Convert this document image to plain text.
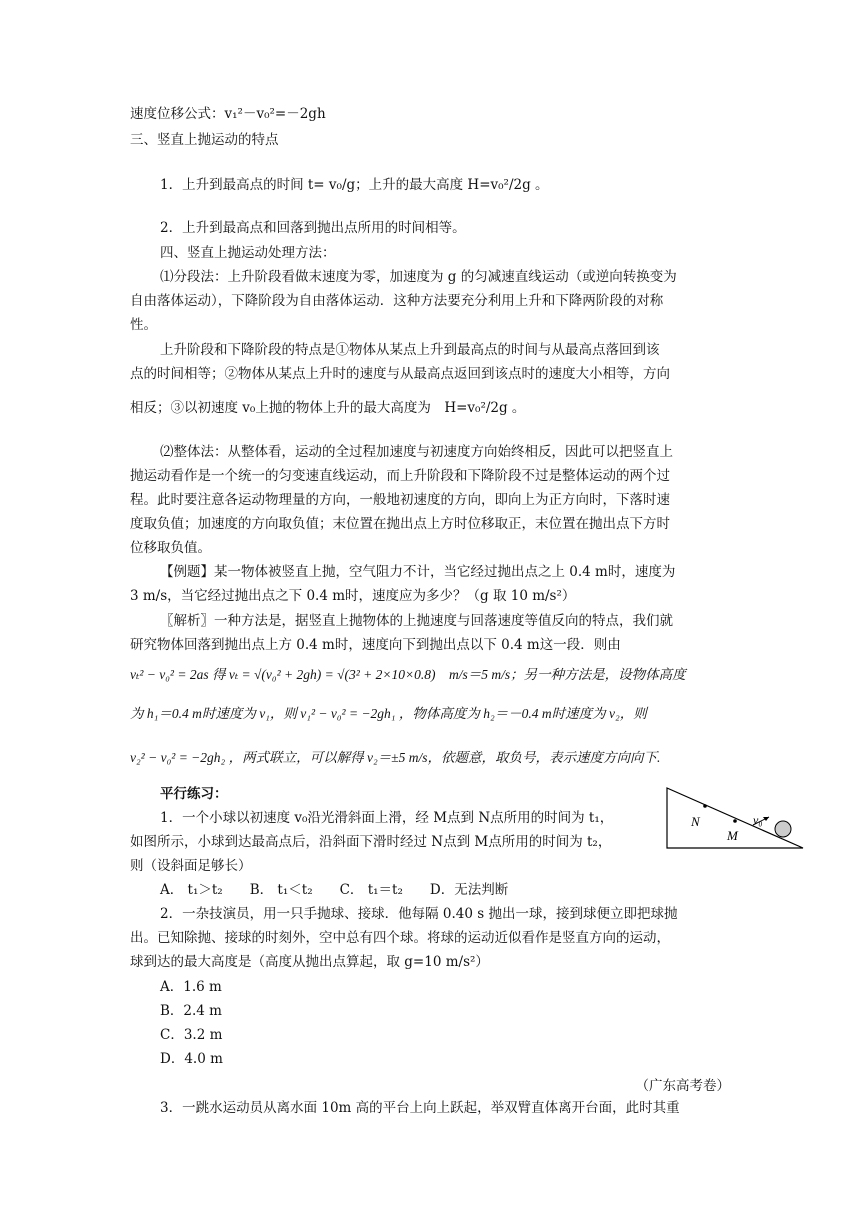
速度位移公式：v₁²－v₀²=－2gh
三、竖直上抛运动的特点
1．上升到最高点的时间 t= v₀/g；上升的最大高度 H=v₀²/2g 。
2．上升到最高点和回落到抛出点所用的时间相等。
四、竖直上抛运动处理方法：
⑴分段法：上升阶段看做末速度为零，加速度为 g 的匀减速直线运动（或逆向转换变为
自由落体运动），下降阶段为自由落体运动．这种方法要充分利用上升和下降两阶段的对称
性。
上升阶段和下降阶段的特点是①物体从某点上升到最高点的时间与从最高点落回到该
点的时间相等；②物体从某点上升时的速度与从最高点返回到该点时的速度大小相等，方向
相反；③以初速度 v₀上抛的物体上升的最大高度为　H=v₀²/2g 。
⑵整体法：从整体看，运动的全过程加速度与初速度方向始终相反，因此可以把竖直上
抛运动看作是一个统一的匀变速直线运动，而上升阶段和下降阶段不过是整体运动的两个过
程。此时要注意各运动物理量的方向，一般地初速度的方向，即向上为正方向时，下落时速
度取负值；加速度的方向取负值；末位置在抛出点上方时位移取正，末位置在抛出点下方时
位移取负值。
【例题】某一物体被竖直上抛，空气阻力不计，当它经过抛出点之上 0.4 m时，速度为
3 m/s，当它经过抛出点之下 0.4 m时，速度应为多少？（g 取 10 m/s²）
〖解析〗一种方法是，据竖直上抛物体的上抛速度与回落速度等值反向的特点，我们就
研究物体回落到抛出点上方 0.4 m时，速度向下到抛出点以下 0.4 m这一段．则由
vₜ² − v₀² = 2as 得 vₜ = √(v₀² + 2gh) = √(3² + 2×10×0.8)　m/s＝5 m/s；另一种方法是，设物体高度
为 h₁＝0.4 m时速度为 v₁，则 v₁² − v₀² = −2gh₁ ，物体高度为 h₂＝－0.4 m时速度为 v₂，则
v₂² − v₀² = −2gh₂ ，两式联立，可以解得 v₂＝±5 m/s，依题意，取负号，表示速度方向向下.
平行练习：
1．一个小球以初速度 v₀沿光滑斜面上滑，经 M点到 N点所用的时间为 t₁，
如图所示，小球到达最高点后，沿斜面下滑时经过 N点到 M点所用的时间为 t₂，
则（设斜面足够长）
A． t₁＞t₂　　B． t₁＜t₂　　C． t₁＝t₂　　D．无法判断
2．一杂技演员，用一只手抛球、接球．他每隔 0.40 s 抛出一球，接到球便立即把球抛
出。已知除抛、接球的时刻外，空中总有四个球。将球的运动近似看作是竖直方向的运动，
球到达的最大高度是（高度从抛出点算起，取 g=10 m/s²）
A．1.6 m
B．2.4 m
C．3.2 m
D．4.0 m
（广东高考卷）
3．一跳水运动员从离水面 10m 高的平台上向上跃起，举双臂直体离开台面，此时其重
N
M
v₀
